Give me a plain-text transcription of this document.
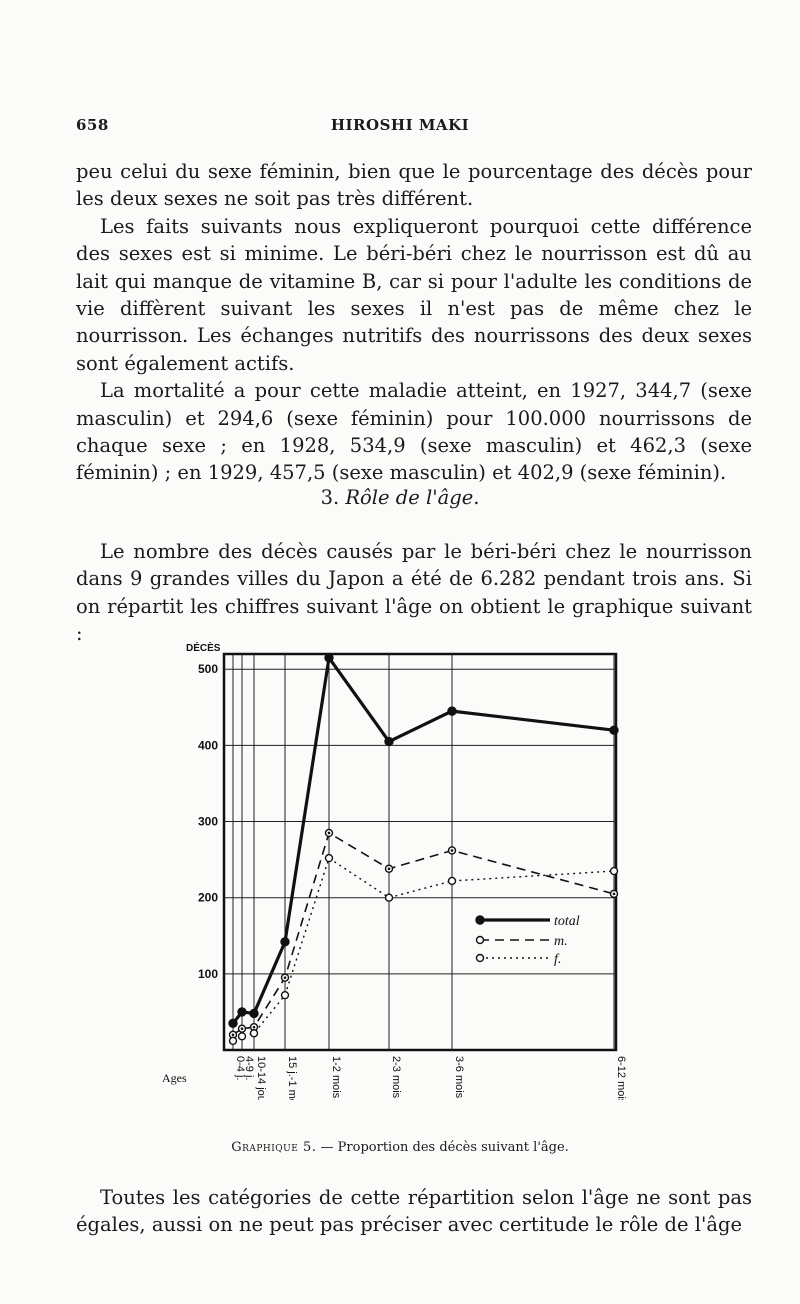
658	HIROSHI MAKI

peu celui du sexe féminin, bien que le pourcentage des décès pour les deux sexes ne soit pas très différent.

Les faits suivants nous expliqueront pourquoi cette différence des sexes est si minime. Le béri-béri chez le nourrisson est dû au lait qui manque de vitamine B, car si pour l'adulte les conditions de vie diffèrent suivant les sexes il n'est pas de même chez le nourrisson. Les échanges nutritifs des nourrissons des deux sexes sont également actifs.

La mortalité a pour cette maladie atteint, en 1927, 344,7 (sexe masculin) et 294,6 (sexe féminin) pour 100.000 nourrissons de chaque sexe ; en 1928, 534,9 (sexe masculin) et 462,3 (sexe féminin) ; en 1929, 457,5 (sexe masculin) et 402,9 (sexe féminin).

3. Rôle de l'âge.

Le nombre des décès causés par le béri-béri chez le nourrisson dans 9 grandes villes du Japon a été de 6.282 pendant trois ans. Si on répartit les chiffres suivant l'âge on obtient le graphique suivant :

100
300
400
500
200
DÉCÈS
Ages	0-4 j.
4-9 j. 10-14 jours 15 j.-1 mois	1-2 mois	2-3 mois	3-6 mois	6-12 mois
total
m.
f.
Graphique 5. — Proportion des décès suivant l'âge.

Toutes les catégories de cette répartition selon l'âge ne sont pas égales, aussi on ne peut pas préciser avec certitude le rôle de l'âge
